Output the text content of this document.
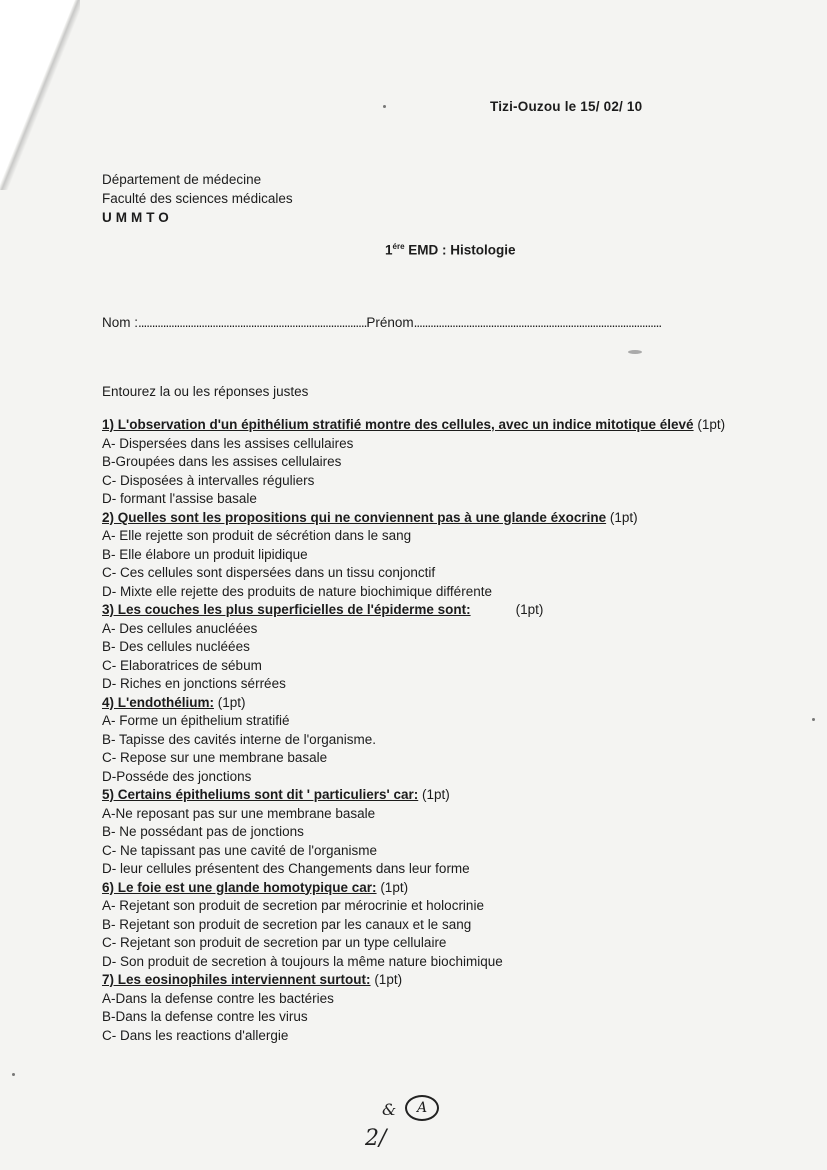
Tizi-Ouzou le 15/ 02/ 10
Département de médecine
Faculté des sciences médicales
UMMTO
$1^{ére}$ EMD : Histologie
Nom :...................................................................................Prénom..........................................................................................
Entourez la ou les réponses justes
1) L'observation d'un épithélium stratifié montre des cellules, avec un indice mitotique élevé (1pt)
A- Dispersées dans les assises cellulaires
B-Groupées dans les assises cellulaires
C- Disposées à intervalles réguliers
D- formant l'assise basale
2) Quelles sont les propositions qui ne conviennent pas à une glande éxocrine (1pt)
A- Elle rejette son produit de sécrétion dans le sang
B- Elle élabore un produit lipidique
C- Ces cellules sont dispersées dans un tissu conjonctif
D- Mixte elle rejette des produits de nature biochimique différente
3) Les couches les plus superficielles de l'épiderme sont:	(1pt)
A- Des cellules anucléées
B- Des cellules nucléées
C- Elaboratrices de sébum
D- Riches en jonctions sérrées
4) L'endothélium: (1pt)
A- Forme un épithelium stratifié
B- Tapisse des cavités interne de l'organisme.
C- Repose sur une membrane basale
D-Posséde des jonctions
5) Certains épitheliums sont dit ' particuliers' car: (1pt)
A-Ne reposant pas sur une membrane basale
B- Ne possédant pas de jonctions
C- Ne tapissant pas une cavité de l'organisme
D- leur cellules présentent des Changements dans leur forme
6) Le foie est une glande homotypique car: (1pt)
A- Rejetant son produit de secretion par mérocrinie et holocrinie
B- Rejetant son produit de secretion par les canaux et le sang
C- Rejetant son produit de secretion par un type cellulaire
D- Son produit de secretion à toujours la même nature biochimique
7) Les eosinophiles interviennent surtout: (1pt)
A-Dans la defense contre les bactéries
B-Dans la defense contre les virus
C- Dans les reactions d'allergie
&	A
2/
